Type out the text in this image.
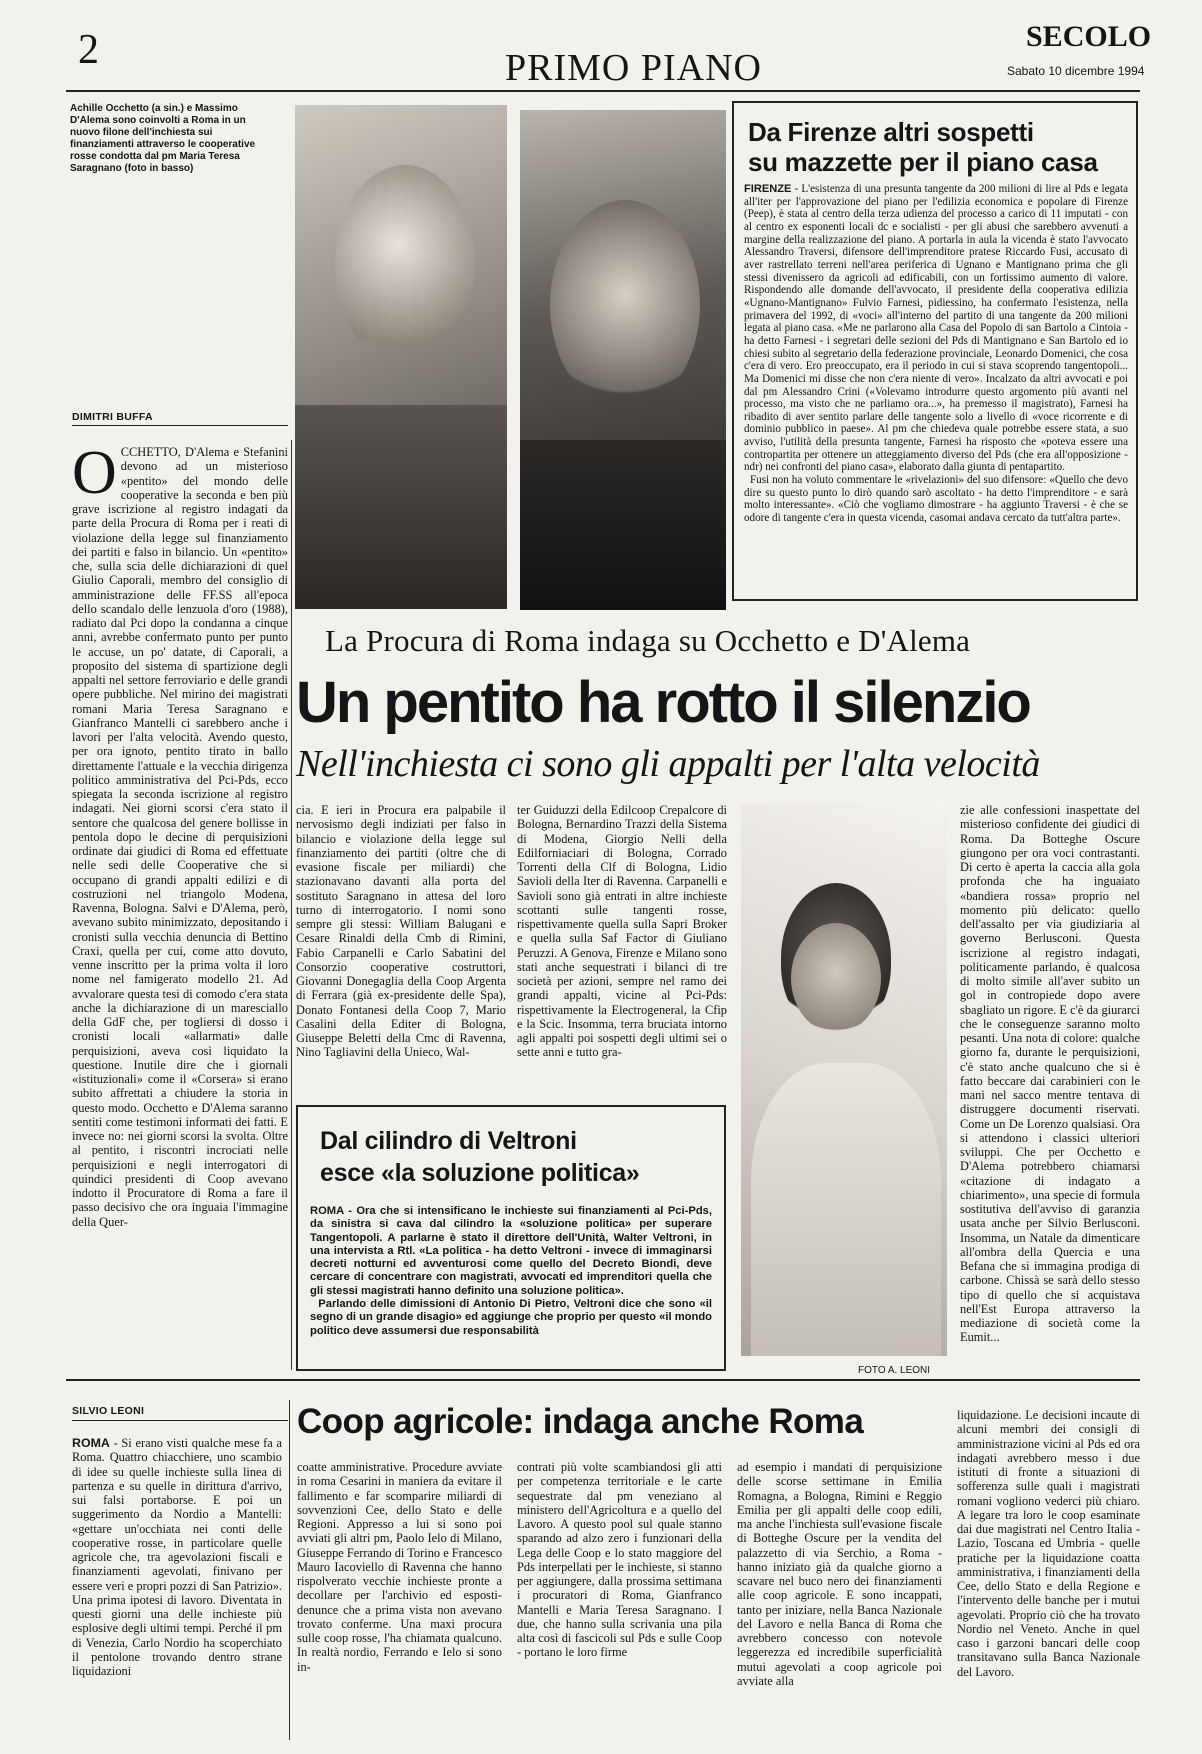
2	PRIMO PIANO
SECOLO
Sabato 10 dicembre 1994
Achille Occhetto (a sin.) e Massimo D'Alema sono coinvolti a Roma in un nuovo filone dell'inchiesta sui finanziamenti attraverso le cooperative rosse condotta dal pm Maria Teresa Saragnano (foto in basso)
Da Firenze altri sospetti
su mazzette per il piano casa
FIRENZE - L'esistenza di una presunta tangente da 200 milioni di lire al Pds e legata all'iter per l'approvazione del piano per l'edilizia economica e popolare di Firenze (Peep), è stata al centro della terza udienza del processo a carico di 11 imputati - con al centro ex esponenti locali dc e socialisti - per gli abusi che sarebbero avvenuti a margine della realizzazione del piano. A portarla in aula la vicenda è stato l'avvocato Alessandro Traversi, difensore dell'imprenditore pratese Riccardo Fusi, accusato di aver rastrellato terreni nell'area periferica di Ugnano e Mantignano prima che gli stessi divenissero da agricoli ad edificabili, con un fortissimo aumento di valore. Rispondendo alle domande dell'avvocato, il presidente della cooperativa edilizia «Ugnano-Mantignano» Fulvio Farnesi, pidiessino, ha confermato l'esistenza, nella primavera del 1992, di «voci» all'interno del partito di una tangente da 200 milioni legata al piano casa. «Me ne parlarono alla Casa del Popolo di san Bartolo a Cintoia - ha detto Farnesi - i segretari delle sezioni del Pds di Mantignano e San Bartolo ed io chiesi subito al segretario della federazione provinciale, Leonardo Domenici, che cosa c'era di vero. Ero preoccupato, era il periodo in cui si stava scoprendo tangentopoli... Ma Domenici mi disse che non c'era niente di vero». Incalzato da altri avvocati e poi dal pm Alessandro Crini («Volevamo introdurre questo argomento più avanti nel processo, ma visto che ne parliamo ora...», ha premesso il magistrato), Farnesi ha ribadito di aver sentito parlare delle tangente solo a livello di «voce ricorrente e di dominio pubblico in paese». Al pm che chiedeva quale potrebbe essere stata, a suo avviso, l'utilità della presunta tangente, Farnesi ha risposto che «poteva essere una contropartita per ottenere un atteggiamento diverso del Pds (che era all'opposizione - ndr) nei confronti del piano casa», elaborato dalla giunta di pentapartito.
Fusi non ha voluto commentare le «rivelazioni» del suo difensore: «Quello che devo dire su questo punto lo dirò quando sarò ascoltato - ha detto l'imprenditore - e sarà molto interessante». «Ciò che vogliamo dimostrare - ha aggiunto Traversi - è che se odore di tangente c'era in questa vicenda, casomai andava cercato da tutt'altra parte».
DIMITRI BUFFA
La Procura di Roma indaga su Occhetto e D'Alema
Un pentito ha rotto il silenzio
Nell'inchiesta ci sono gli appalti per l'alta velocità
OCCHETTO, D'Alema e Stefanini devono ad un misterioso «pentito» del mondo delle cooperative la seconda e ben più grave iscrizione al registro indagati da parte della Procura di Roma per i reati di violazione della legge sul finanziamento dei partiti e falso in bilancio. Un «pentito» che, sulla scia delle dichiarazioni di quel Giulio Caporali, membro del consiglio di amministrazione delle FF.SS all'epoca dello scandalo delle lenzuola d'oro (1988), radiato dal Pci dopo la condanna a cinque anni, avrebbe confermato punto per punto le accuse, un po' datate, di Caporali, a proposito del sistema di spartizione degli appalti nel settore ferroviario e delle grandi opere pubbliche. Nel mirino dei magistrati romani Maria Teresa Saragnano e Gianfranco Mantelli ci sarebbero anche i lavori per l'alta velocità. Avendo questo, per ora ignoto, pentito tirato in ballo direttamente l'attuale e la vecchia dirigenza politico amministrativa del Pci-Pds, ecco spiegata la seconda iscrizione al registro indagati. Nei giorni scorsi c'era stato il sentore che qualcosa del genere bollisse in pentola dopo le decine di perquisizioni ordinate dai giudici di Roma ed effettuate nelle sedi delle Cooperative che si occupano di grandi appalti edilizi e di costruzioni nel triangolo Modena, Ravenna, Bologna. Salvi e D'Alema, però, avevano subito minimizzato, depositando i cronisti sulla vecchia denuncia di Bettino Craxi, quella per cui, come atto dovuto, venne inscritto per la prima volta il loro nome nel famigerato modello 21. Ad avvalorare questa tesi di comodo c'era stata anche la dichiarazione di un maresciallo della GdF che, per togliersi di dosso i cronisti locali «allarmati» dalle perquisizioni, aveva così liquidato la questione. Inutile dire che i giornali «istituzionali» come il «Corsera» si erano subito affrettati a chiudere la storia in questo modo. Occhetto e D'Alema saranno sentiti come testimoni informati dei fatti. E invece no: nei giorni scorsi la svolta. Oltre al pentito, i riscontri incrociati nelle perquisizioni e negli interrogatori di quindici presidenti di Coop avevano indotto il Procuratore di Roma a fare il passo decisivo che ora inguaia l'immagine della Quer-
cia. E ieri in Procura era palpabile il nervosismo degli indiziati per falso in bilancio e violazione della legge sul finanziamento dei partiti (oltre che di evasione fiscale per miliardi) che stazionavano davanti alla porta del sostituto Saragnano in attesa del loro turno di interrogatorio. I nomi sono sempre gli stessi: William Balugani e Cesare Rinaldi della Cmb di Rimini, Fabio Carpanelli e Carlo Sabatini del Consorzio cooperative costruttori, Giovanni Donegaglia della Coop Argenta di Ferrara (già ex-presidente delle Spa), Donato Fontanesi della Coop 7, Mario Casalini della Editer di Bologna, Giuseppe Beletti della Cmc di Ravenna, Nino Tagliavini della Unieco, Wal-
ter Guiduzzi della Edilcoop Crepalcore di Bologna, Bernardino Trazzi della Sistema di Modena, Giorgio Nelli della Edilforniaciari di Bologna, Corrado Torrenti della Clf di Bologna, Lidio Savioli della Iter di Ravenna. Carpanelli e Savioli sono già entrati in altre inchieste scottanti sulle tangenti rosse, rispettivamente quella sulla Sapri Broker e quella sulla Saf Factor di Giuliano Peruzzi. A Genova, Firenze e Milano sono stati anche sequestrati i bilanci di tre società per azioni, sempre nel ramo dei grandi appalti, vicine al Pci-Pds: rispettivamente la Electrogeneral, la Cfip e la Scic. Insomma, terra bruciata intorno agli appalti poi sospetti degli ultimi sei o sette anni e tutto gra-
FOTO A. LEONI
zie alle confessioni inaspettate del misterioso confidente dei giudici di Roma. Da Botteghe Oscure giungono per ora voci contrastanti. Di certo è aperta la caccia alla gola profonda che ha inguaiato «bandiera rossa» proprio nel momento più delicato: quello dell'assalto per via giudiziaria al governo Berlusconi. Questa iscrizione al registro indagati, politicamente parlando, è qualcosa di molto simile all'aver subito un gol in contropiede dopo avere sbagliato un rigore. E c'è da giurarci che le conseguenze saranno molto pesanti. Una nota di colore: qualche giorno fa, durante le perquisizioni, c'è stato anche qualcuno che si è fatto beccare dai carabinieri con le mani nel sacco mentre tentava di distruggere documenti riservati. Come un De Lorenzo qualsiasi. Ora si attendono i classici ulteriori sviluppi. Che per Occhetto e D'Alema potrebbero chiamarsi «citazione di indagato a chiarimento», una specie di formula sostitutiva dell'avviso di garanzia usata anche per Silvio Berlusconi. Insomma, un Natale da dimenticare all'ombra della Quercia e una Befana che si immagina prodiga di carbone. Chissà se sarà dello stesso tipo di quello che si acquistava nell'Est Europa attraverso la mediazione di società come la Eumit...
Dal cilindro di Veltroni
esce «la soluzione politica»
ROMA - Ora che si intensificano le inchieste sui finanziamenti al Pci-Pds, da sinistra si cava dal cilindro la «soluzione politica» per superare Tangentopoli. A parlarne è stato il direttore dell'Unità, Walter Veltroni, in una intervista a Rtl. «La politica - ha detto Veltroni - invece di immaginarsi decreti notturni ed avventurosi come quello del Decreto Biondi, deve cercare di concentrare con magistrati, avvocati ed imprenditori quella che gli stessi magistrati hanno definito una soluzione politica».
Parlando delle dimissioni di Antonio Di Pietro, Veltroni dice che sono «il segno di un grande disagio» ed aggiunge che proprio per questo «il mondo politico deve assumersi due responsabilità
SILVIO LEONI	Coop agricole: indaga anche Roma
ROMA - Si erano visti qualche mese fa a Roma. Quattro chiacchiere, uno scambio di idee su quelle inchieste sulla linea di partenza e su quelle in dirittura d'arrivo, sui falsi portaborse. E poi un suggerimento da Nordio a Mantelli: «gettare un'occhiata nei conti delle cooperative rosse, in particolare quelle agricole che, tra agevolazioni fiscali e finanziamenti agevolati, finivano per essere veri e propri pozzi di San Patrizio». Una prima ipotesi di lavoro. Diventata in questi giorni una delle inchieste più esplosive degli ultimi tempi. Perché il pm di Venezia, Carlo Nordio ha scoperchiato il pentolone trovando dentro strane liquidazioni
coatte amministrative. Procedure avviate in roma Cesarini in maniera da evitare il fallimento e far scomparire miliardi di sovvenzioni Cee, dello Stato e delle Regioni. Appresso a lui si sono poi avviati gli altri pm, Paolo Ielo di Milano, Giuseppe Ferrando di Torino e Francesco Mauro Iacoviello di Ravenna che hanno rispolverato vecchie inchieste pronte a decollare per l'archivio ed esposti-denunce che a prima vista non avevano trovato conferme. Una maxi procura sulle coop rosse, l'ha chiamata qualcuno. In realtà nordio, Ferrando e Ielo si sono in-
contrati più volte scambiandosi gli atti per competenza territoriale e le carte sequestrate dal pm veneziano al ministero dell'Agricoltura e a quello del Lavoro. A questo pool sul quale stanno sparando ad alzo zero i funzionari della Lega delle Coop e lo stato maggiore del Pds interpellati per le inchieste, si stanno per aggiungere, dalla prossima settimana i procuratori di Roma, Gianfranco Mantelli e Maria Teresa Saragnano. I due, che hanno sulla scrivania una pila alta così di fascicoli sul Pds e sulle Coop - portano le loro firme
ad esempio i mandati di perquisizione delle scorse settimane in Emilia Romagna, a Bologna, Rimini e Reggio Emilia per gli appalti delle coop edili, ma anche l'inchiesta sull'evasione fiscale di Botteghe Oscure per la vendita del palazzetto di via Serchio, a Roma - hanno iniziato già da qualche giorno a scavare nel buco nero dei finanziamenti alle coop agricole. E sono incappati, tanto per iniziare, nella Banca Nazionale del Lavoro e nella Banca di Roma che avrebbero concesso con notevole leggerezza ed incredibile superficialità mutui agevolati a coop agricole poi avviate alla
liquidazione. Le decisioni incaute di alcuni membri dei consigli di amministrazione vicini al Pds ed ora indagati avrebbero messo i due istituti di fronte a situazioni di sofferenza sulle quali i magistrati romani vogliono vederci più chiaro. A legare tra loro le coop esaminate dai due magistrati nel Centro Italia - Lazio, Toscana ed Umbria - quelle pratiche per la liquidazione coatta amministrativa, i finanziamenti della Cee, dello Stato e della Regione e l'intervento delle banche per i mutui agevolati. Proprio ciò che ha trovato Nordio nel Veneto. Anche in quel caso i garzoni bancari delle coop transitavano sulla Banca Nazionale del Lavoro.
